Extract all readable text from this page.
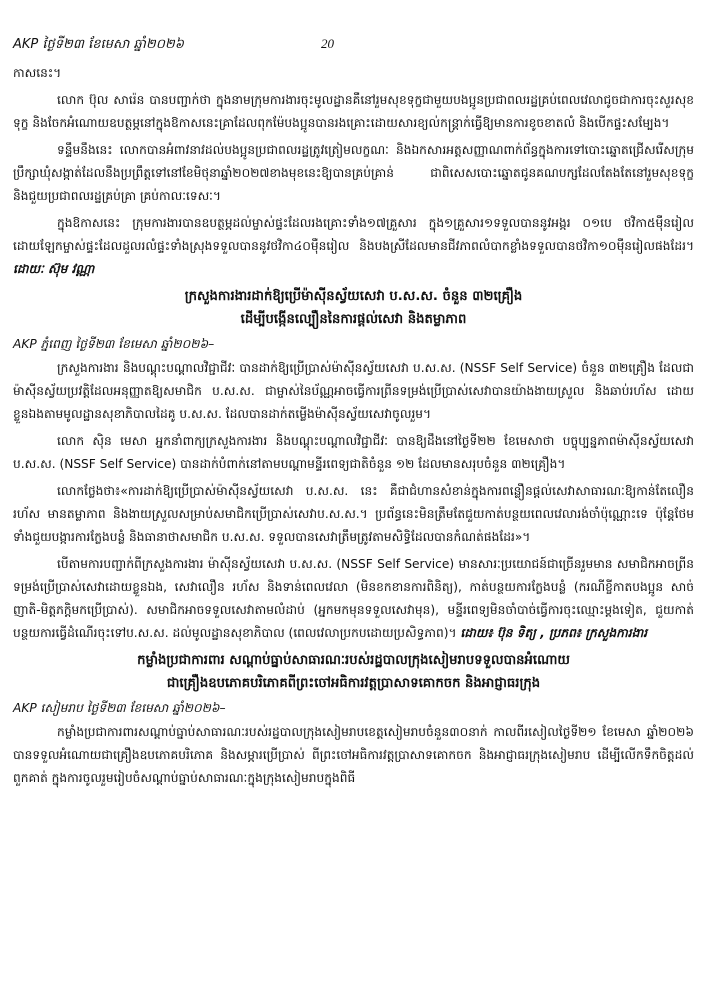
AKP ថ្ងៃទី២៣ ខែមេសា ឆ្នាំ២០២៦	20

កាសនេះ។

លោក ប៊ុល សារ៉េន បានបញ្ជាក់ថា ក្នុងនាមក្រុមការងារចុះមូលដ្ឋានគឺនៅរួមសុខទុក្ខជាមួយបងប្អូនប្រជាពលរដ្ឋគ្រប់ពេលវេលាជូចជាការចុះសួរសុខទុក្ខ និងចែកអំណោយឧបត្ថម្ភនៅក្នុងឱកាសនេះគ្រាដែលពុកម៉ែបងប្អូនបានរងគ្រោះដោយសារខ្យល់កន្ត្រាក់ធ្វើឱ្យមានការខូចខាតលំ និងបើកផ្ទះសម្បែង។

ទន្ទឹមនឹងនេះ លោកបានអំពាវនាវដល់បងប្អូនប្រជាពលរដ្ឋត្រូវត្រៀមលក្ខណៈ និងឯកសារអត្តសញ្ញាណពាក់ព័ន្ធក្នុងការទៅបោះឆ្នោតជ្រើសរើសក្រុមប្រឹក្សាឃុំសង្កាត់ដែលនឹងប្រព្រឹត្តទៅនៅខែមិថុនាឆ្នាំ២០២៧ខាងមុខនេះឱ្យបានគ្រប់គ្រាន់ ជាពិសេសបោះឆ្នោតជូនគណបក្សដែលតែងតែនៅរួមសុខទុក្ខ និងជួយប្រជាពលរដ្ឋគ្រប់គ្រា គ្រប់កាលៈទេសៈ។

ក្នុងឱកាសនេះ ក្រុមការងារបានឧបត្ថម្ភដល់ម្ចាស់ផ្ទះដែលរងគ្រោះទាំង១៧គ្រួសារ ក្នុង១គ្រួសារ១ទទួលបាននូវអង្ករ ០១បេ ថវិកា៥ម៉ឺនរៀល ដោយឡែកម្ចាស់ផ្ទះដែលដួលរលំផ្ទះទាំងស្រុងទទួលបាននូវថវិកា៤០ម៉ឺនរៀល និងបងស្រីដែលមានជីវភាពលំបាកខ្លាំងទទួលបានថវិកា១០ម៉ឺនរៀលផងដែរ។ ដោយៈ ស៊ុម វណ្ណា

ក្រសួងការងារដាក់ឱ្យប្រើម៉ាស៊ីនស្វ័យសេវា ប.ស.ស. ចំនួន ៣២គ្រឿង
ដើម្បីបង្កើនល្បឿននៃការផ្តល់សេវា និងតម្លាភាព
AKP ភ្នំពេញ ថ្ងៃទី២៣ ខែមេសា ឆ្នាំ២០២៦–

ក្រសួងការងារ និងបណ្ដុះបណ្ដាលវិជ្ជាជីវៈ បានដាក់ឱ្យប្រើប្រាស់ម៉ាស៊ីនស្វ័យសេវា ប.ស.ស. (NSSF Self Service) ចំនួន ៣២គ្រឿង ដែលជាម៉ាស៊ីនស្វ័យប្រវត្តិដែលអនុញ្ញាតឱ្យសមាជិក ប.ស.ស. ជាម្ចាស់នៃប័ណ្ណអាចធ្វើការព្រីនទម្រង់ប្រើប្រាស់សេវាបានយ៉ាងងាយស្រួល និងឆាប់រហ័ស ដោយខ្លួនឯងតាមមូលដ្ឋានសុខាភិបាលដៃគូ ប.ស.ស. ដែលបានដាក់តម្លើងម៉ាស៊ីនស្វ័យសេវាចូលរួម។

លោក ស៊ិន មេសា អ្នកនាំពាក្យក្រសួងការងារ និងបណ្ដុះបណ្ដាលវិជ្ជាជីវៈ បានឱ្យដឹងនៅថ្ងៃទី២២ ខែមេសាថា បច្ចុប្បន្នភាពម៉ាស៊ីនស្វ័យសេវា ប.ស.ស. (NSSF Self Service) បានដាក់បំពាក់នៅតាមបណ្ដាមន្ទីរពេទ្យជាតិចំនួន ១២ ដែលមានសរុបចំនួន ៣២គ្រឿង។

លោកថ្លែងថា៖«ការដាក់ឱ្យប្រើប្រាស់ម៉ាស៊ីនស្វ័យសេវា ប.ស.ស. នេះ គឺជាជំហានសំខាន់ក្នុងការពន្លឿនផ្តល់សេវាសាធារណៈឱ្យកាន់តែលឿន រហ័ស មានតម្លាភាព និងងាយស្រួលសម្រាប់សមាជិកប្រើប្រាស់សេវាប.ស.ស.។ ប្រព័ន្ធនេះមិនត្រឹមតែជួយកាត់បន្ថយពេលវេលារង់ចាំប៉ុណ្ណោះទេ ប៉ុន្តែថែមទាំងជួយបង្ការការក្លែងបន្លំ និងធានាថាសមាជិក ប.ស.ស. ទទួលបានសេវាត្រឹមត្រូវតាមសិទ្ធិដែលបានកំណត់ផងដែរ»។

បើតាមការបញ្ជាក់ពីក្រសួងការងារ ម៉ាស៊ីនស្វ័យសេវា ប.ស.ស. (NSSF Self Service) មានសារៈប្រយោជន៍ជាច្រើនរួមមាន សមាជិកអាចព្រីនទម្រង់ប្រើប្រាស់សេវាដោយខ្លួនឯង, សេវាលឿន រហ័ស និងទាន់ពេលវេលា (មិនខកខានការពិនិត្យ), កាត់បន្ថយការក្លែងបន្លំ (ករណីខ្ចីកាតបងប្អូន សាច់ញាតិ-មិត្តភក្តិមកប្រើប្រាស់). សមាជិកអាចទទួលសេវាតាមលំដាប់ (អ្នកមកមុនទទួលសេវាមុន), មន្ទីរពេទ្យមិនចាំបាច់ធ្វើការចុះឈ្មោះម្តងទៀត, ជួយកាត់បន្ថយការធ្វើដំណើរចុះទៅប.ស.ស. ដល់មូលដ្ឋានសុខាភិបាល (ពេលវេលាប្រកបដោយប្រសិទ្ធភាព)។ ដោយ៖ ប៊ុន ទិត្យ , ប្រភព៖ ក្រសួងការងារ

កម្លាំងប្រជាការពារ សណ្តាប់ធ្នាប់សាធារណៈរបស់រដ្ឋបាលក្រុងសៀមរាបទទួលបានអំណោយ
ជាគ្រឿងឧបភោគបរិភោគពីព្រះចៅអធិការវត្តប្រាសាទគោកចក និងអាជ្ញាធរក្រុង
AKP សៀមរាប ថ្ងៃទី២៣ ខែមេសា ឆ្នាំ២០២៦–

កម្លាំងប្រជាការពារសណ្តាប់ធ្នាប់សាធារណៈរបស់រដ្ឋបាលក្រុងសៀមរាបខេត្តសៀមរាបចំនួន៣០នាក់ កាលពីរសៀលថ្ងៃទី២១ ខែមេសា ឆ្នាំ២០២៦ បានទទួលអំណោយជាគ្រឿងឧបភោគបរិភោគ និងសម្ភារប្រើប្រាស់ ពីព្រះចៅអធិការវត្តប្រាសាទគោកចក និងអាជ្ញាធរក្រុងសៀមរាប ដើម្បីលើកទឹកចិត្តដល់ពួកគាត់ ក្នុងការចូលរួមរៀបចំសណ្តាប់ធ្នាប់សាធារណៈក្នុងក្រុងសៀមរាបក្នុងពិធី
